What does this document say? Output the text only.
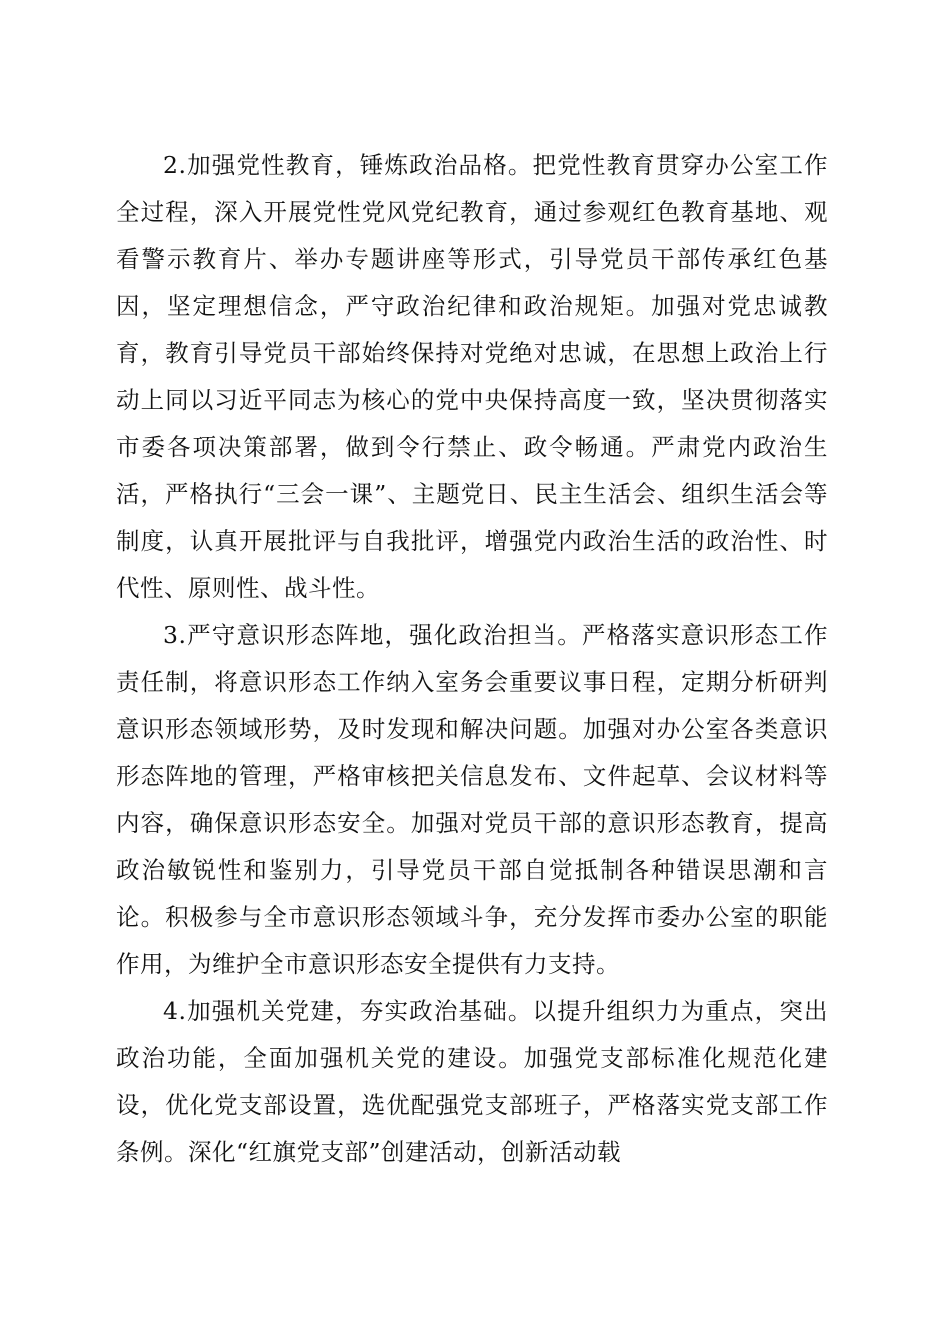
2.加强党性教育，锤炼政治品格。把党性教育贯穿办公室工作全过程，深入开展党性党风党纪教育，通过参观红色教育基地、观看警示教育片、举办专题讲座等形式，引导党员干部传承红色基因，坚定理想信念，严守政治纪律和政治规矩。加强对党忠诚教育，教育引导党员干部始终保持对党绝对忠诚，在思想上政治上行动上同以习近平同志为核心的党中央保持高度一致，坚决贯彻落实市委各项决策部署，做到令行禁止、政令畅通。严肃党内政治生活，严格执行“三会一课”、主题党日、民主生活会、组织生活会等制度，认真开展批评与自我批评，增强党内政治生活的政治性、时代性、原则性、战斗性。

3.严守意识形态阵地，强化政治担当。严格落实意识形态工作责任制，将意识形态工作纳入室务会重要议事日程，定期分析研判意识形态领域形势，及时发现和解决问题。加强对办公室各类意识形态阵地的管理，严格审核把关信息发布、文件起草、会议材料等内容，确保意识形态安全。加强对党员干部的意识形态教育，提高政治敏锐性和鉴别力，引导党员干部自觉抵制各种错误思潮和言论。积极参与全市意识形态领域斗争，充分发挥市委办公室的职能作用，为维护全市意识形态安全提供有力支持。

4.加强机关党建，夯实政治基础。以提升组织力为重点，突出政治功能，全面加强机关党的建设。加强党支部标准化规范化建设，优化党支部设置，选优配强党支部班子，严格落实党支部工作条例。深化“红旗党支部”创建活动，创新活动载
